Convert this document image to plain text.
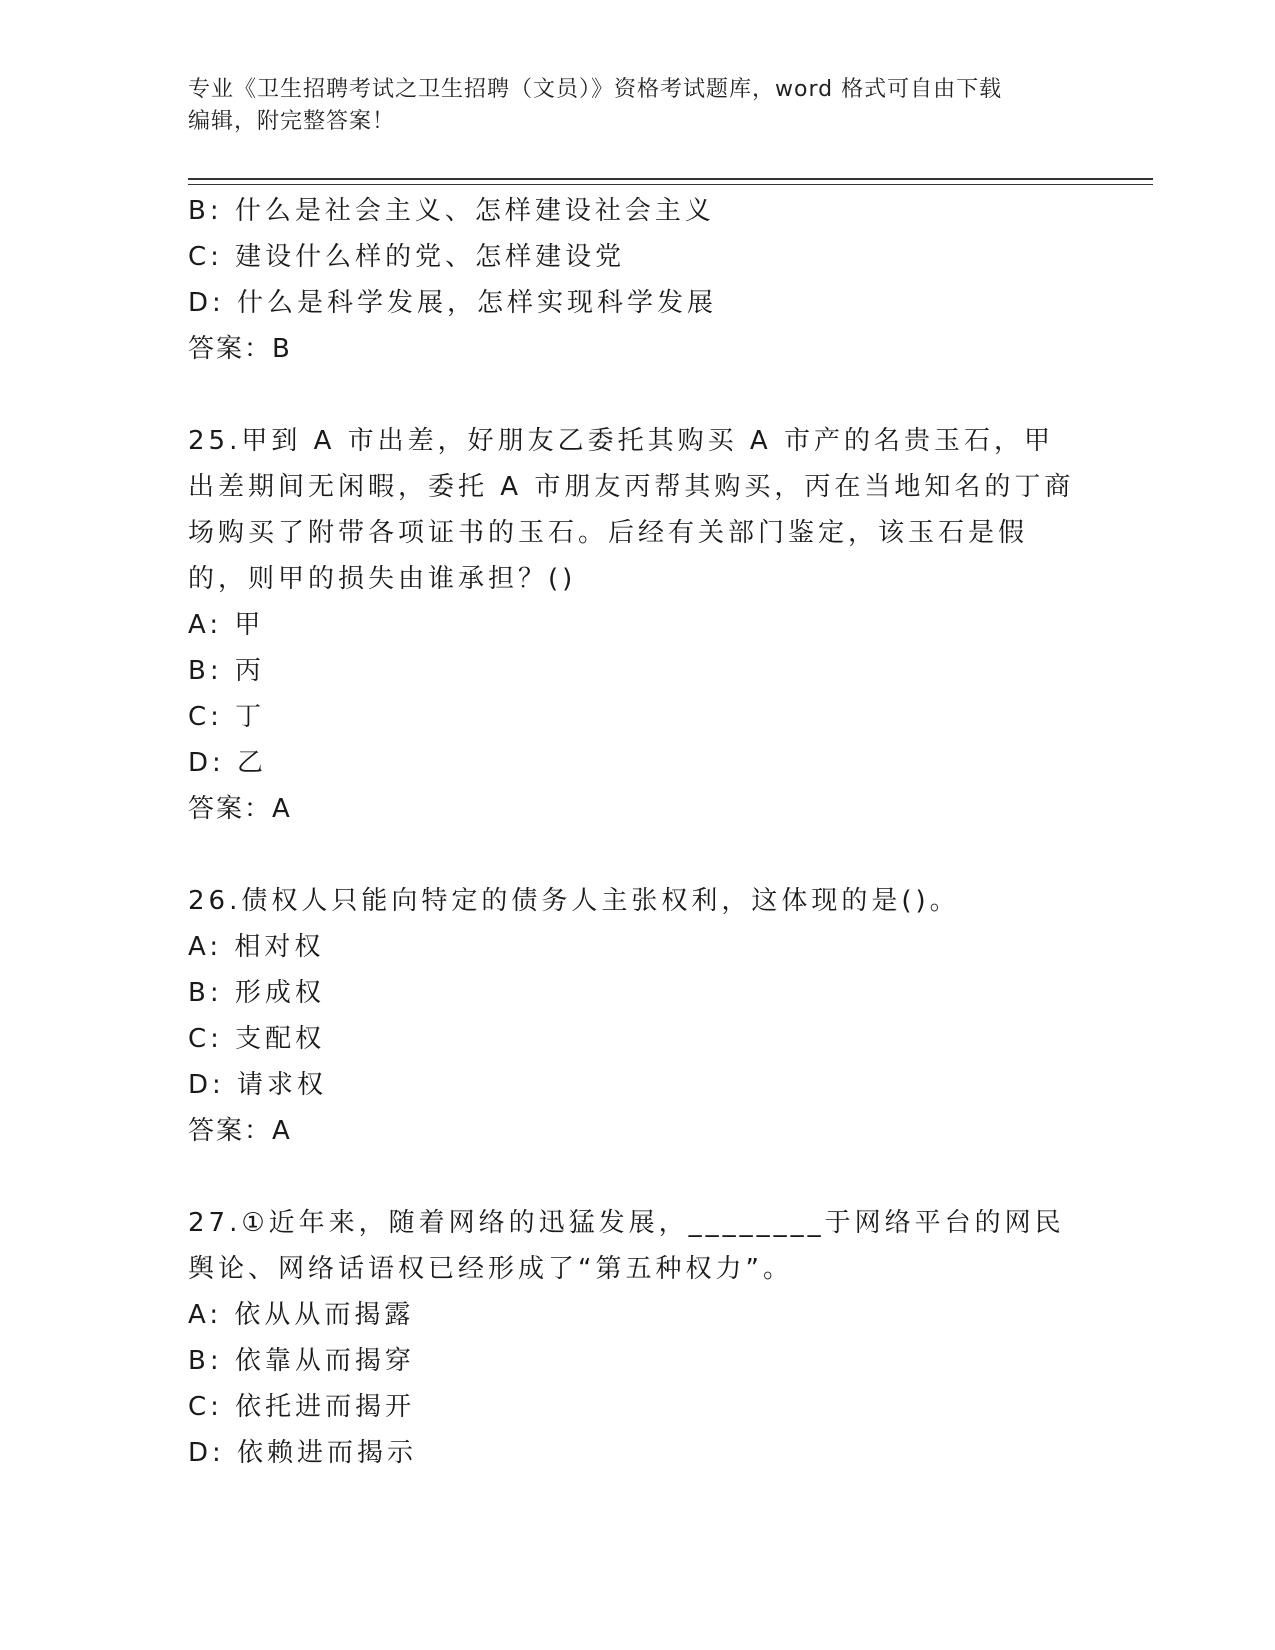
专业《卫生招聘考试之卫生招聘（文员）》资格考试题库，word 格式可自由下载
编辑，附完整答案！
B: 什么是社会主义、怎样建设社会主义
C: 建设什么样的党、怎样建设党
D: 什么是科学发展，怎样实现科学发展
答案：B
25.甲到 A 市出差，好朋友乙委托其购买 A 市产的名贵玉石，甲出差期间无闲暇，委托 A 市朋友丙帮其购买，丙在当地知名的丁商场购买了附带各项证书的玉石。后经有关部门鉴定，该玉石是假的，则甲的损失由谁承担？()
A: 甲
B: 丙
C: 丁
D: 乙
答案：A
26.债权人只能向特定的债务人主张权利，这体现的是()。
A: 相对权
B: 形成权
C: 支配权
D: 请求权
答案：A
27.①近年来，随着网络的迅猛发展，________于网络平台的网民舆论、网络话语权已经形成了“第五种权力”。
A: 依从从而揭露
B: 依靠从而揭穿
C: 依托进而揭开
D: 依赖进而揭示
